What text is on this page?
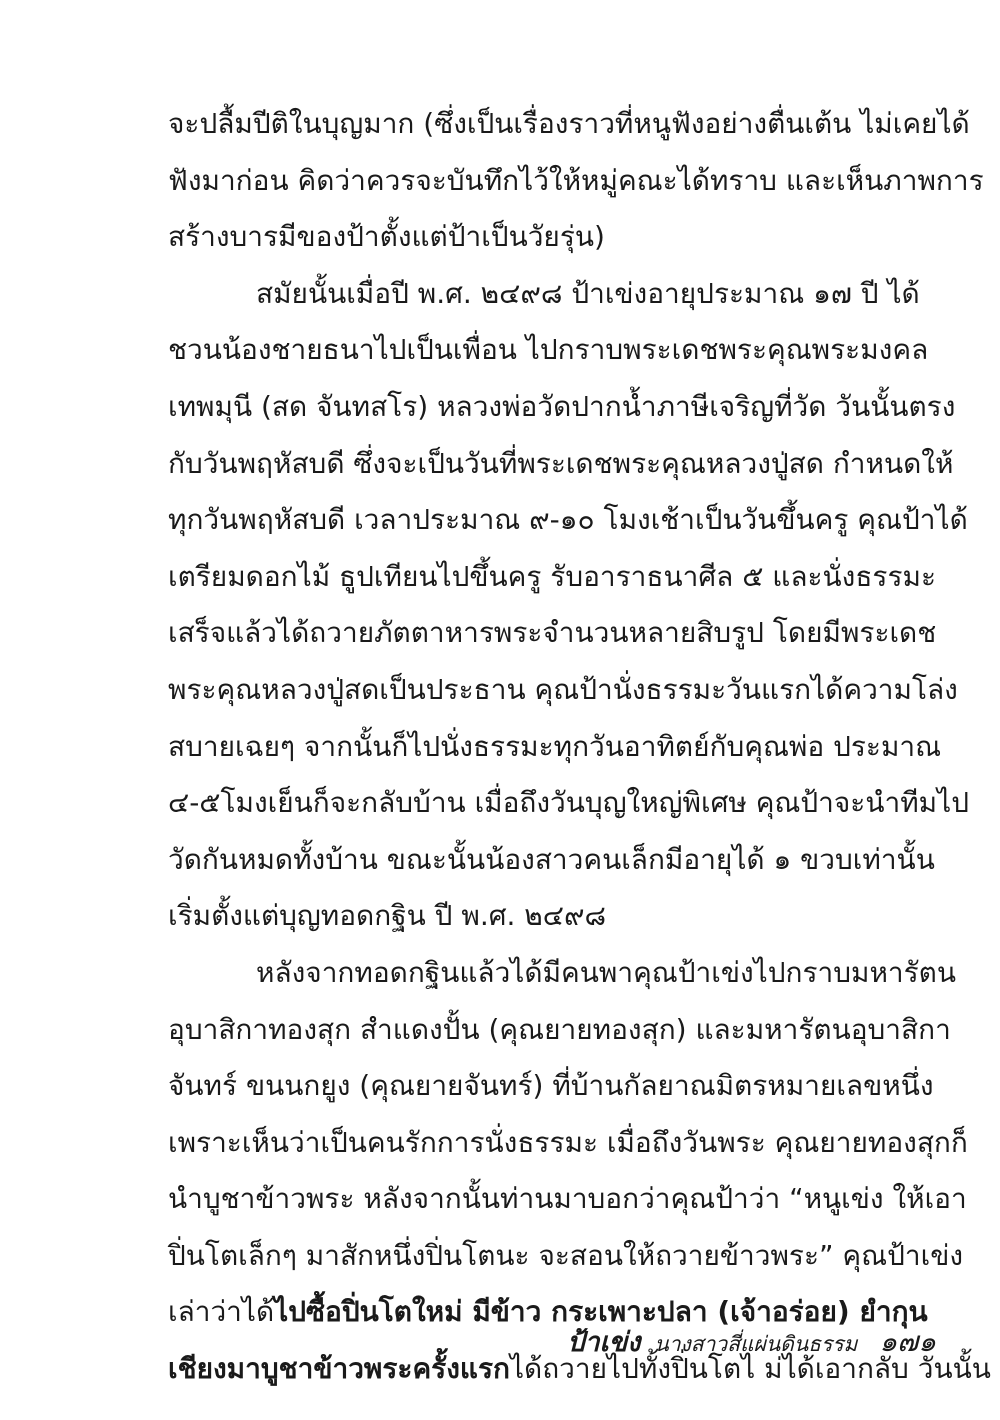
จะปลื้มปีติในบุญมาก (ซึ่งเป็นเรื่องราวที่หนูฟังอย่างตื่นเต้น ไม่เคยได้
ฟังมาก่อน คิดว่าควรจะบันทึกไว้ให้หมู่คณะได้ทราบ และเห็นภาพการ
สร้างบารมีของป้าตั้งแต่ป้าเป็นวัยรุ่น)
สมัยนั้นเมื่อปี พ.ศ. ๒๔๙๘ ป้าเข่งอายุประมาณ ๑๗ ปี ได้
ชวนน้องชายธนาไปเป็นเพื่อน ไปกราบพระเดชพระคุณพระมงคล
เทพมุนี (สด จันทสโร) หลวงพ่อวัดปากน้ำภาษีเจริญที่วัด วันนั้นตรง
กับวันพฤหัสบดี ซึ่งจะเป็นวันที่พระเดชพระคุณหลวงปู่สด กำหนดให้
ทุกวันพฤหัสบดี เวลาประมาณ ๙-๑๐ โมงเช้าเป็นวันขึ้นครู คุณป้าได้
เตรียมดอกไม้ ธูปเทียนไปขึ้นครู รับอาราธนาศีล ๕ และนั่งธรรมะ
เสร็จแล้วได้ถวายภัตตาหารพระจำนวนหลายสิบรูป โดยมีพระเดช
พระคุณหลวงปู่สดเป็นประธาน คุณป้านั่งธรรมะวันแรกได้ความโล่ง
สบายเฉยๆ จากนั้นก็ไปนั่งธรรมะทุกวันอาทิตย์กับคุณพ่อ ประมาณ
๔-๕โมงเย็นก็จะกลับบ้าน เมื่อถึงวันบุญใหญ่พิเศษ คุณป้าจะนำทีมไป
วัดกันหมดทั้งบ้าน ขณะนั้นน้องสาวคนเล็กมีอายุได้ ๑ ขวบเท่านั้น
เริ่มตั้งแต่บุญทอดกฐิน ปี พ.ศ. ๒๔๙๘
หลังจากทอดกฐินแล้วได้มีคนพาคุณป้าเข่งไปกราบมหารัตน
อุบาสิกาทองสุก สำแดงปั้น (คุณยายทองสุก) และมหารัตนอุบาสิกา
จันทร์ ขนนกยูง (คุณยายจันทร์) ที่บ้านกัลยาณมิตรหมายเลขหนึ่ง
เพราะเห็นว่าเป็นคนรักการนั่งธรรมะ เมื่อถึงวันพระ คุณยายทองสุกก็
นำบูชาข้าวพระ หลังจากนั้นท่านมาบอกว่าคุณป้าว่า “หนูเข่ง ให้เอา
ปิ่นโตเล็กๆ มาสักหนึ่งปิ่นโตนะ จะสอนให้ถวายข้าวพระ” คุณป้าเข่ง
เล่าว่าได้ไปซื้อปิ่นโตใหม่ มีข้าว กระเพาะปลา (เจ้าอร่อย) ยำกุน
เชียงมาบูชาข้าวพระครั้งแรกได้ถวายไปทั้งปิ่นโตไ ม่ได้เอากลับ วันนั้น
ป้าเข่ง นางสาวสี่แผ่นดินธรรม ๑๗๑
